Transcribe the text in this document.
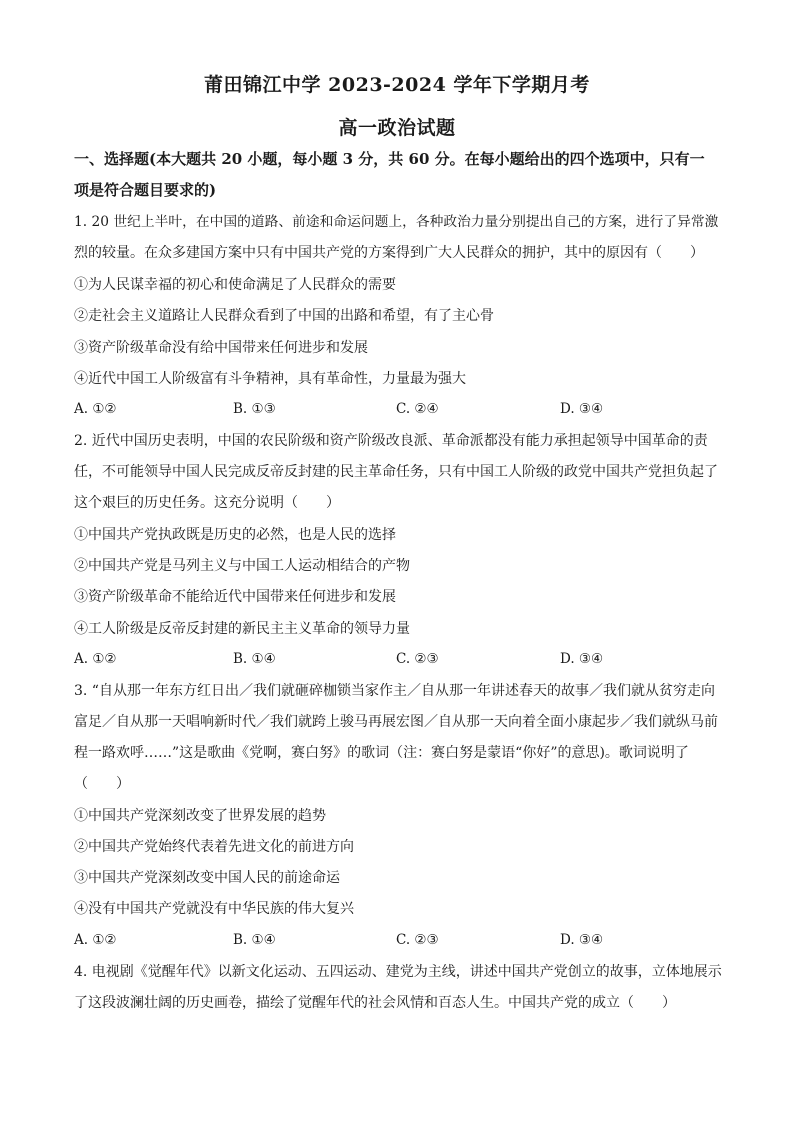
莆田锦江中学 2023-2024 学年下学期月考
高一政治试题
一、选择题(本大题共 20 小题，每小题 3 分，共 60 分。在每小题给出的四个选项中，只有一
项是符合题目要求的)
1. 20 世纪上半叶，在中国的道路、前途和命运问题上，各种政治力量分别提出自己的方案，进行了异常激
烈的较量。在众多建国方案中只有中国共产党的方案得到广大人民群众的拥护，其中的原因有（　　）
①为人民谋幸福的初心和使命满足了人民群众的需要
②走社会主义道路让人民群众看到了中国的出路和希望，有了主心骨
③资产阶级革命没有给中国带来任何进步和发展
④近代中国工人阶级富有斗争精神，具有革命性，力量最为强大
A. ①②	B. ①③	C. ②④	D. ③④
2. 近代中国历史表明，中国的农民阶级和资产阶级改良派、革命派都没有能力承担起领导中国革命的责
任，不可能领导中国人民完成反帝反封建的民主革命任务，只有中国工人阶级的政党中国共产党担负起了
这个艰巨的历史任务。这充分说明（　　）
①中国共产党执政既是历史的必然，也是人民的选择
②中国共产党是马列主义与中国工人运动相结合的产物
③资产阶级革命不能给近代中国带来任何进步和发展
④工人阶级是反帝反封建的新民主主义革命的领导力量
A. ①②	B. ①④	C. ②③	D. ③④
3. “自从那一年东方红日出／我们就砸碎枷锁当家作主／自从那一年讲述春天的故事／我们就从贫穷走向
富足／自从那一天唱响新时代／我们就跨上骏马再展宏图／自从那一天向着全面小康起步／我们就纵马前
程一路欢呼……”这是歌曲《党啊，赛白努》的歌词（注：赛白努是蒙语“你好”的意思)。歌词说明了
（　　）
①中国共产党深刻改变了世界发展的趋势
②中国共产党始终代表着先进文化的前进方向
③中国共产党深刻改变中国人民的前途命运
④没有中国共产党就没有中华民族的伟大复兴
A. ①②	B. ①④	C. ②③	D. ③④
4. 电视剧《觉醒年代》以新文化运动、五四运动、建党为主线，讲述中国共产党创立的故事，立体地展示
了这段波澜壮阔的历史画卷，描绘了觉醒年代的社会风情和百态人生。中国共产党的成立（　　）
